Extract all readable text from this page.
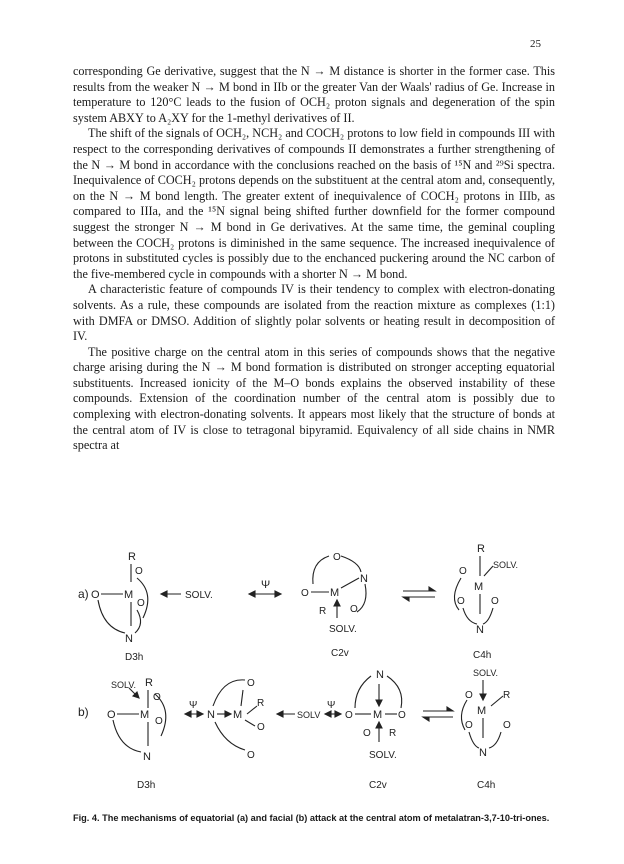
25

corresponding Ge derivative, suggest that the N → M distance is shorter in the former case. This results from the weaker N → M bond in IIb or the greater Van der Waals' radius of Ge. Increase in temperature to 120°C leads to the fusion of OCH₂ proton signals and degeneration of the spin system ABXY to A₂XY for the 1-methyl derivatives of II.

The shift of the signals of OCH₂, NCH₂ and COCH₂ protons to low field in compounds III with respect to the corresponding derivatives of compounds II demonstrates a further strengthening of the N → M bond in accordance with the conclusions reached on the basis of ¹⁵N and ²⁹Si spectra. Inequivalence of COCH₂ protons depends on the substituent at the central atom and, consequently, on the N → M bond length. The greater extent of inequivalence of COCH₂ protons in IIIb, as compared to IIIa, and the ¹⁵N signal being shifted further downfield for the former compound suggest the stronger N → M bond in Ge derivatives. At the same time, the geminal coupling between the COCH₂ protons is diminished in the same sequence. The increased inequivalence of protons in substituted cycles is possibly due to the enchanced puckering around the NC carbon of the five-membered cycle in compounds with a shorter N → M bond.

A characteristic feature of compounds IV is their tendency to complex with electron-donating solvents. As a rule, these compounds are isolated from the reaction mixture as complexes (1:1) with DMFA or DMSO. Addition of slightly polar solvents or heating result in decomposition of IV.

The positive charge on the central atom in this series of compounds shows that the negative charge arising during the N → M bond formation is distributed on stronger accepting equatorial substituents. Increased ionicity of the M–O bonds explains the observed instability of these compounds. Extension of the coordination number of the central atom is possibly due to complexing with electron-donating solvents. It appears most likely that the structure of bonds at the central atom of IV is close to tetragonal bipyramid. Equivalency of all side chains in NMR spectra at

a)
R
O
O M
O
N
SOLV.
D3h
Ψ
O
O M
N
R O
SOLV.
C2v
R
SOLV.
O
M
O	O
N
C4h
b)
SOLV. R
O
O M
O
N
D3h
Ψ
N M
O
R
O
O
SOLV
Ψ
N
O M O
O R
SOLV.
C2v
SOLV.
O	R
M
O	O
N
C4h
Fig. 4. The mechanisms of equatorial (a) and facial (b) attack at the central atom of metalatran-3,7-10-tri-ones.
